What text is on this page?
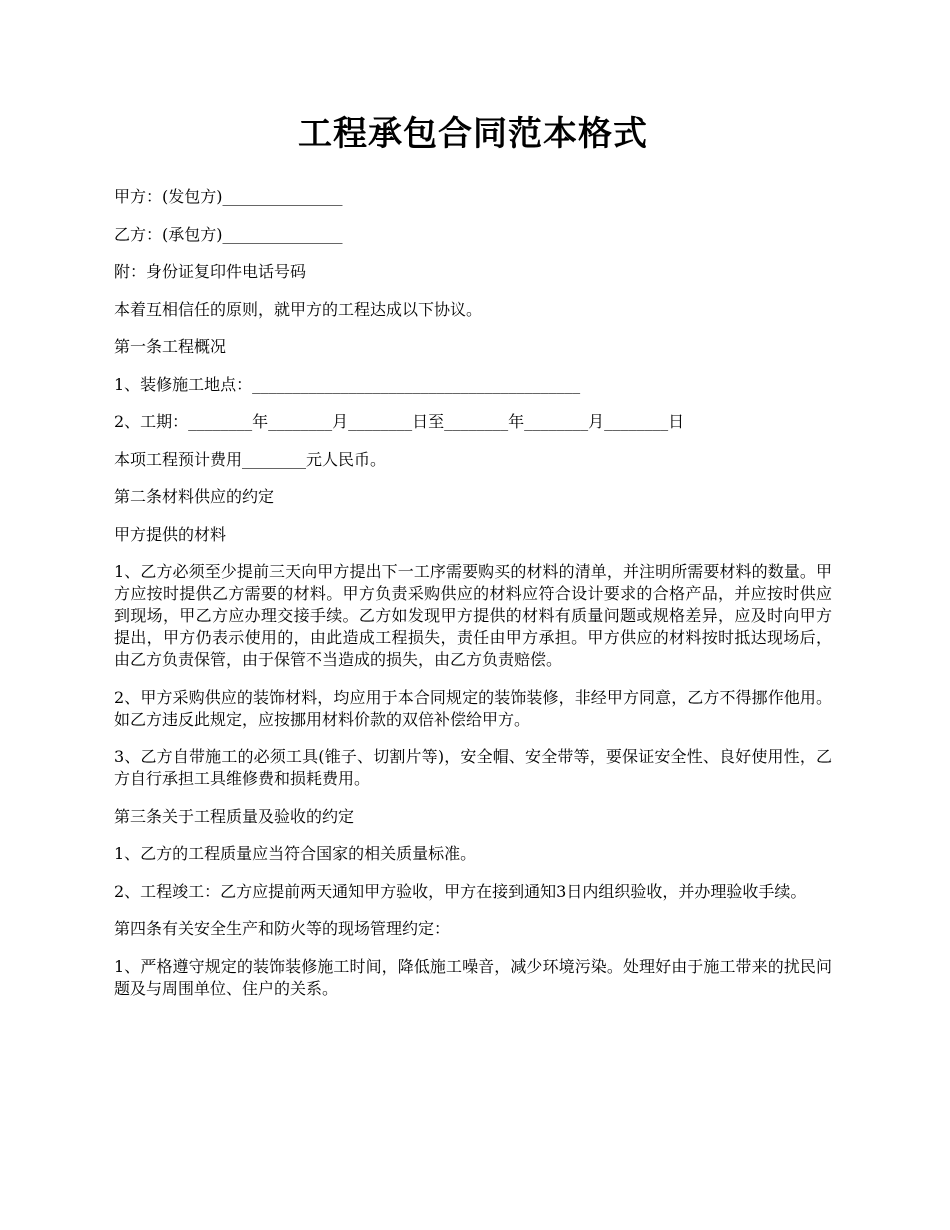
工程承包合同范本格式

甲方：(发包方)_______________

乙方：(承包方)_______________

附：身份证复印件电话号码

本着互相信任的原则，就甲方的工程达成以下协议。

第一条工程概况

1、装修施工地点：_________________________________________

2、工期：________年________月________日至________年________月________日

本项工程预计费用________元人民币。

第二条材料供应的约定

甲方提供的材料

1、乙方必须至少提前三天向甲方提出下一工序需要购买的材料的清单，并注明所需要材料的数量。甲方应按时提供乙方需要的材料。甲方负责采购供应的材料应符合设计要求的合格产品，并应按时供应到现场，甲乙方应办理交接手续。乙方如发现甲方提供的材料有质量问题或规格差异，应及时向甲方提出，甲方仍表示使用的，由此造成工程损失，责任由甲方承担。甲方供应的材料按时抵达现场后，由乙方负责保管，由于保管不当造成的损失，由乙方负责赔偿。

2、甲方采购供应的装饰材料，均应用于本合同规定的装饰装修，非经甲方同意，乙方不得挪作他用。如乙方违反此规定，应按挪用材料价款的双倍补偿给甲方。

3、乙方自带施工的必须工具(锥子、切割片等)，安全帽、安全带等，要保证安全性、良好使用性，乙方自行承担工具维修费和损耗费用。

第三条关于工程质量及验收的约定

1、乙方的工程质量应当符合国家的相关质量标准。

2、工程竣工：乙方应提前两天通知甲方验收，甲方在接到通知3日内组织验收，并办理验收手续。

第四条有关安全生产和防火等的现场管理约定：

1、严格遵守规定的装饰装修施工时间，降低施工噪音，减少环境污染。处理好由于施工带来的扰民问题及与周围单位、住户的关系。
